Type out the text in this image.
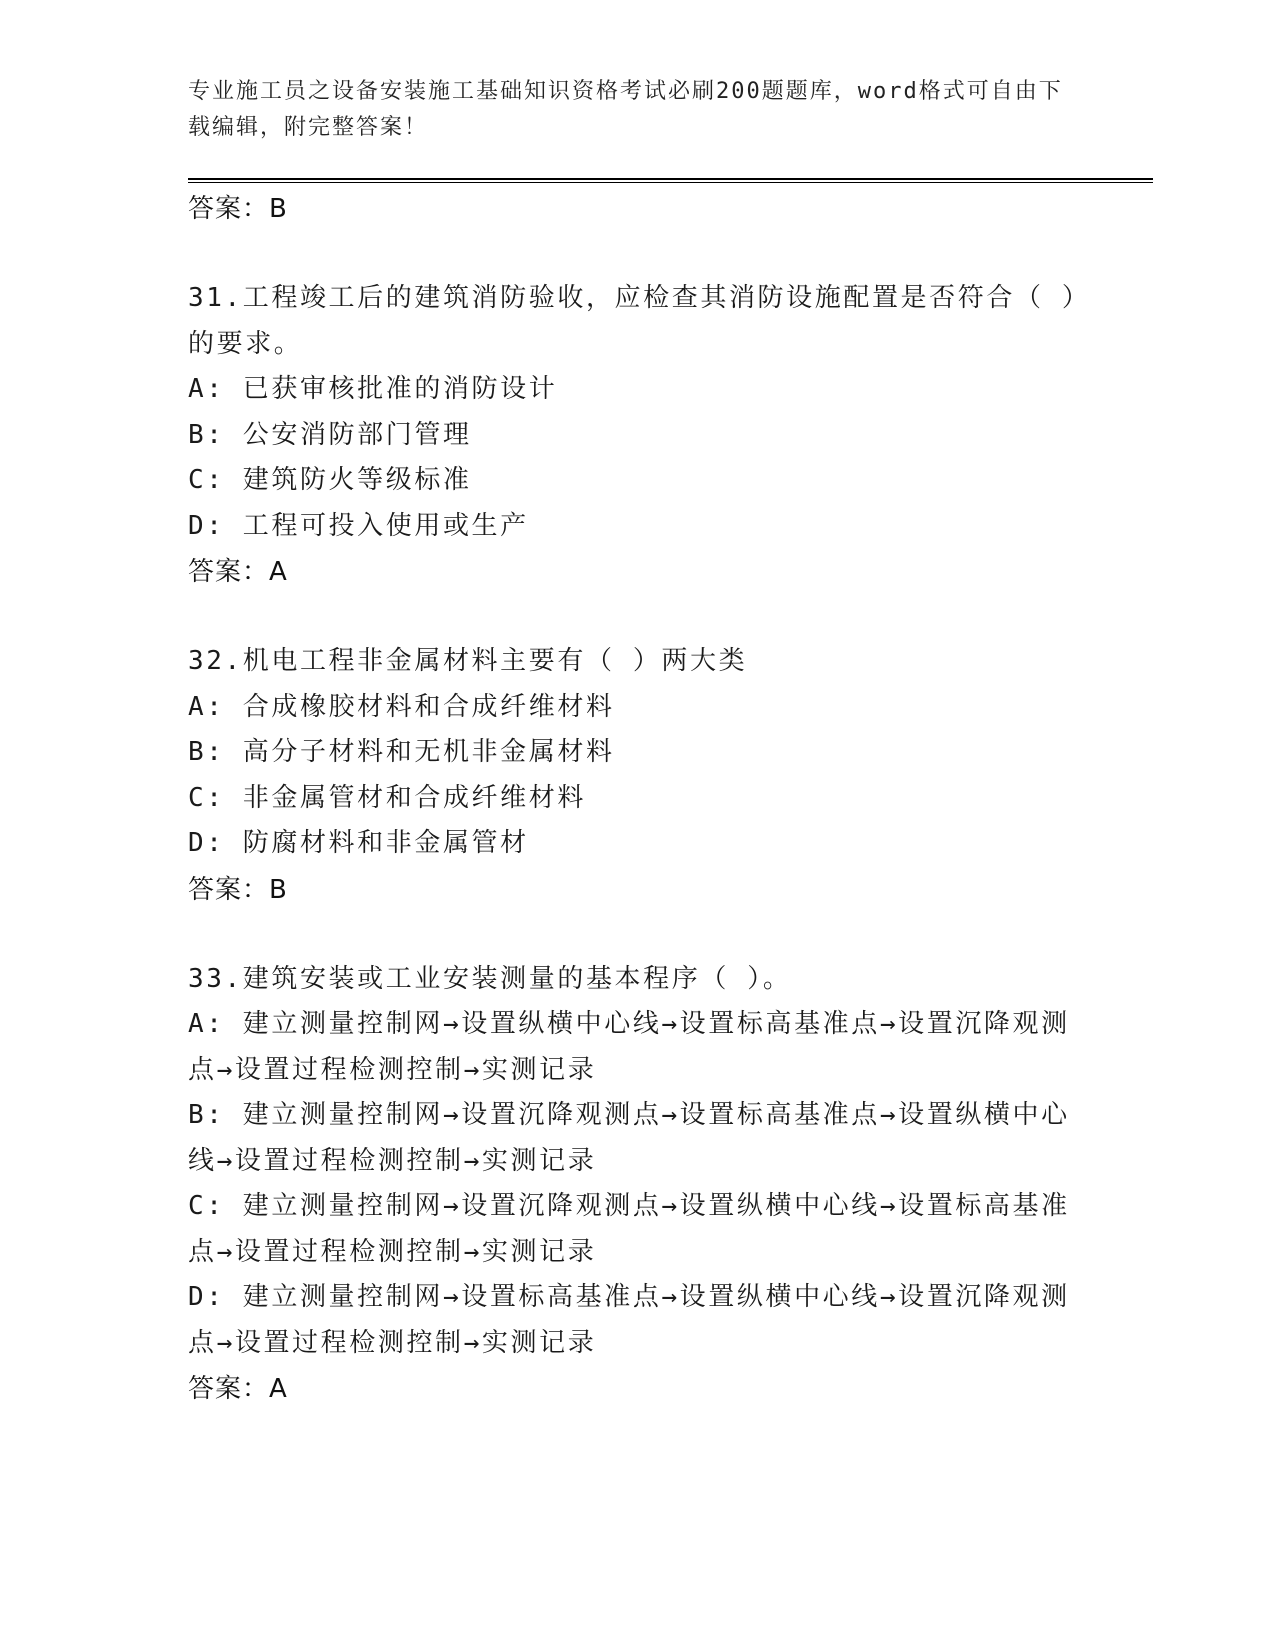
专业施工员之设备安装施工基础知识资格考试必刷200题题库，word格式可自由下载编辑，附完整答案！
答案：B

31.工程竣工后的建筑消防验收，应检查其消防设施配置是否符合（ ）的要求。

A: 已获审核批准的消防设计

B: 公安消防部门管理

C: 建筑防火等级标准

D: 工程可投入使用或生产

答案：A

32.机电工程非金属材料主要有（ ）两大类

A: 合成橡胶材料和合成纤维材料

B: 高分子材料和无机非金属材料

C: 非金属管材和合成纤维材料

D: 防腐材料和非金属管材

答案：B

33.建筑安装或工业安装测量的基本程序（ ）。

A: 建立测量控制网→设置纵横中心线→设置标高基准点→设置沉降观测点→设置过程检测控制→实测记录

B: 建立测量控制网→设置沉降观测点→设置标高基准点→设置纵横中心线→设置过程检测控制→实测记录

C: 建立测量控制网→设置沉降观测点→设置纵横中心线→设置标高基准点→设置过程检测控制→实测记录

D: 建立测量控制网→设置标高基准点→设置纵横中心线→设置沉降观测点→设置过程检测控制→实测记录

答案：A
